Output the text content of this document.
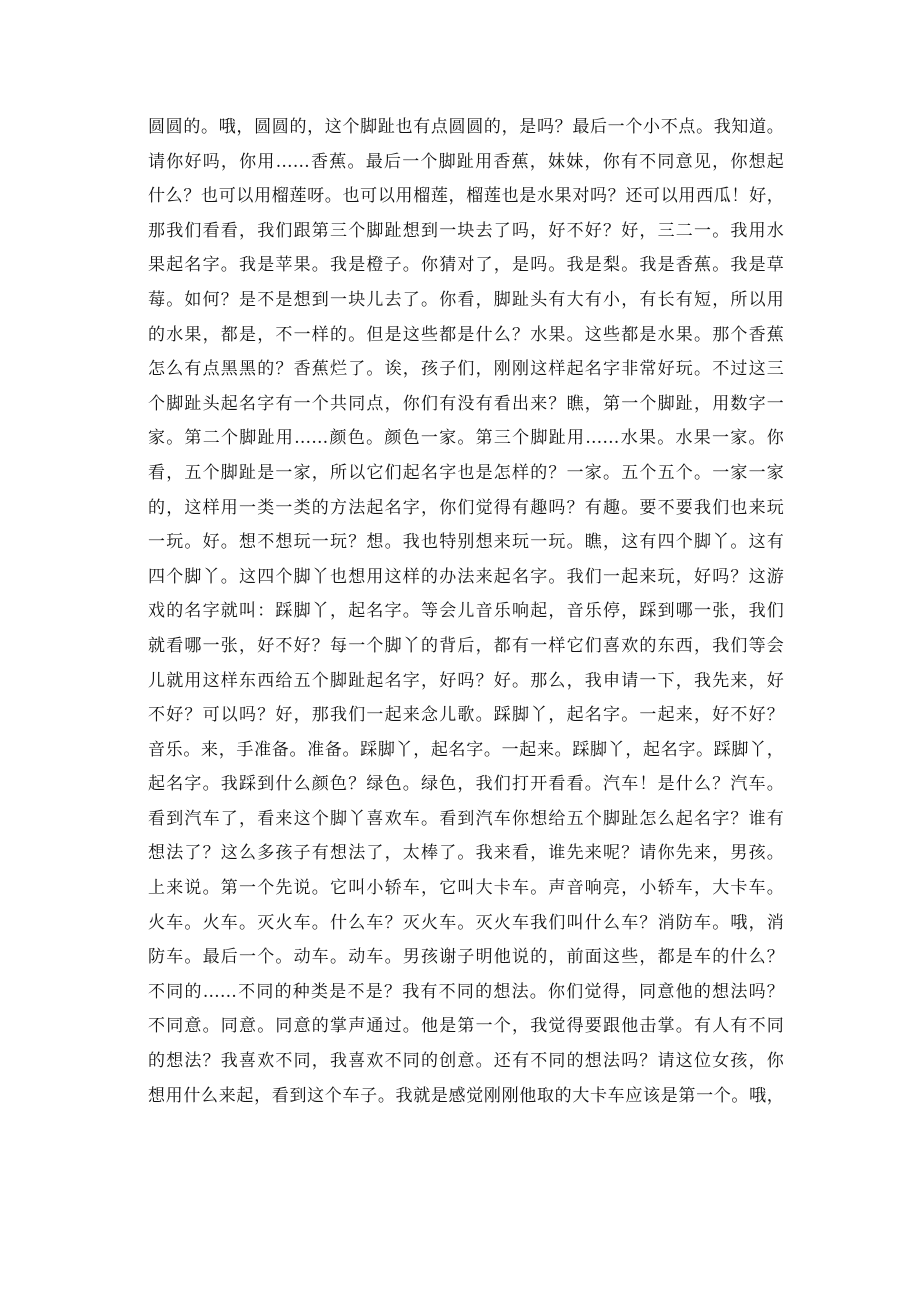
圆圆的。哦，圆圆的，这个脚趾也有点圆圆的，是吗？最后一个小不点。我知道。
请你好吗，你用……香蕉。最后一个脚趾用香蕉，妹妹，你有不同意见，你想起
什么？也可以用榴莲呀。也可以用榴莲，榴莲也是水果对吗？还可以用西瓜！好，
那我们看看，我们跟第三个脚趾想到一块去了吗，好不好？好，三二一。我用水
果起名字。我是苹果。我是橙子。你猜对了，是吗。我是梨。我是香蕉。我是草
莓。如何？是不是想到一块儿去了。你看，脚趾头有大有小，有长有短，所以用
的水果，都是，不一样的。但是这些都是什么？水果。这些都是水果。那个香蕉
怎么有点黑黑的？香蕉烂了。诶，孩子们，刚刚这样起名字非常好玩。不过这三
个脚趾头起名字有一个共同点，你们有没有看出来？瞧，第一个脚趾，用数字一
家。第二个脚趾用……颜色。颜色一家。第三个脚趾用……水果。水果一家。你
看，五个脚趾是一家，所以它们起名字也是怎样的？一家。五个五个。一家一家
的，这样用一类一类的方法起名字，你们觉得有趣吗？有趣。要不要我们也来玩
一玩。好。想不想玩一玩？想。我也特别想来玩一玩。瞧，这有四个脚丫。这有
四个脚丫。这四个脚丫也想用这样的办法来起名字。我们一起来玩，好吗？这游
戏的名字就叫：踩脚丫，起名字。等会儿音乐响起，音乐停，踩到哪一张，我们
就看哪一张，好不好？每一个脚丫的背后，都有一样它们喜欢的东西，我们等会
儿就用这样东西给五个脚趾起名字，好吗？好。那么，我申请一下，我先来，好
不好？可以吗？好，那我们一起来念儿歌。踩脚丫，起名字。一起来，好不好？
音乐。来，手准备。准备。踩脚丫，起名字。一起来。踩脚丫，起名字。踩脚丫，
起名字。我踩到什么颜色？绿色。绿色，我们打开看看。汽车！是什么？汽车。
看到汽车了，看来这个脚丫喜欢车。看到汽车你想给五个脚趾怎么起名字？谁有
想法了？这么多孩子有想法了，太棒了。我来看，谁先来呢？请你先来，男孩。
上来说。第一个先说。它叫小轿车，它叫大卡车。声音响亮，小轿车，大卡车。
火车。火车。灭火车。什么车？灭火车。灭火车我们叫什么车？消防车。哦，消
防车。最后一个。动车。动车。男孩谢子明他说的，前面这些，都是车的什么？
不同的……不同的种类是不是？我有不同的想法。你们觉得，同意他的想法吗？
不同意。同意。同意的掌声通过。他是第一个，我觉得要跟他击掌。有人有不同
的想法？我喜欢不同，我喜欢不同的创意。还有不同的想法吗？请这位女孩，你
想用什么来起，看到这个车子。我就是感觉刚刚他取的大卡车应该是第一个。哦，
